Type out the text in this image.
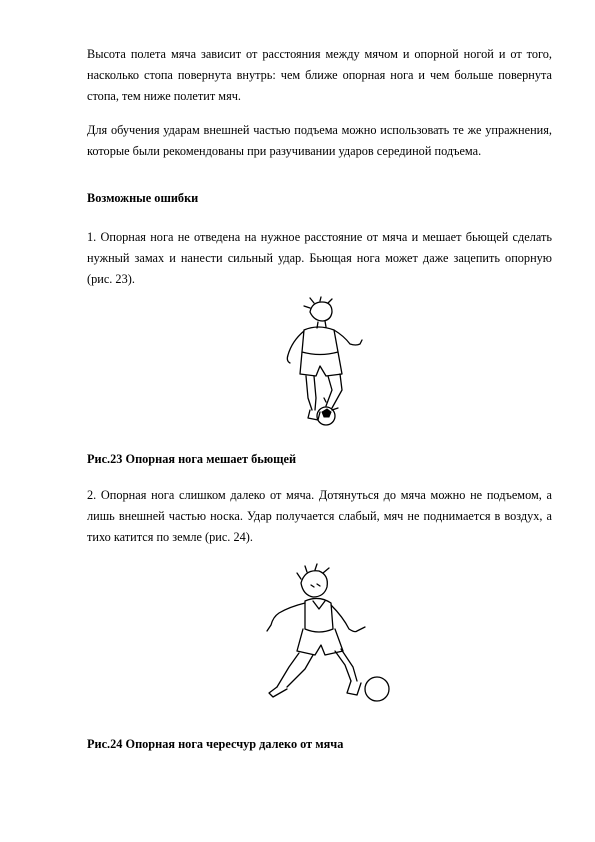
Высота полета мяча зависит от расстояния между мячом и опорной ногой и от того, насколько стопа повернута внутрь: чем ближе опорная нога и чем больше повернута стопа, тем ниже полетит мяч.

Для обучения ударам внешней частью подъема можно использовать те же упражнения, которые были рекомендованы при разучивании ударов серединой подъема.

Возможные ошибки

1. Опорная нога не отведена на нужное расстояние от мяча и мешает бьющей сделать нужный замах и нанести сильный удар. Бьющая нога может даже зацепить опорную (рис. 23).

Рис.23 Опорная нога мешает бьющей

2. Опорная нога слишком далеко от мяча. Дотянуться до мяча можно не подъемом, а лишь внешней частью носка. Удар получается слабый, мяч не поднимается в воздух, а тихо катится по земле (рис. 24).

Рис.24 Опорная нога чересчур далеко от мяча
